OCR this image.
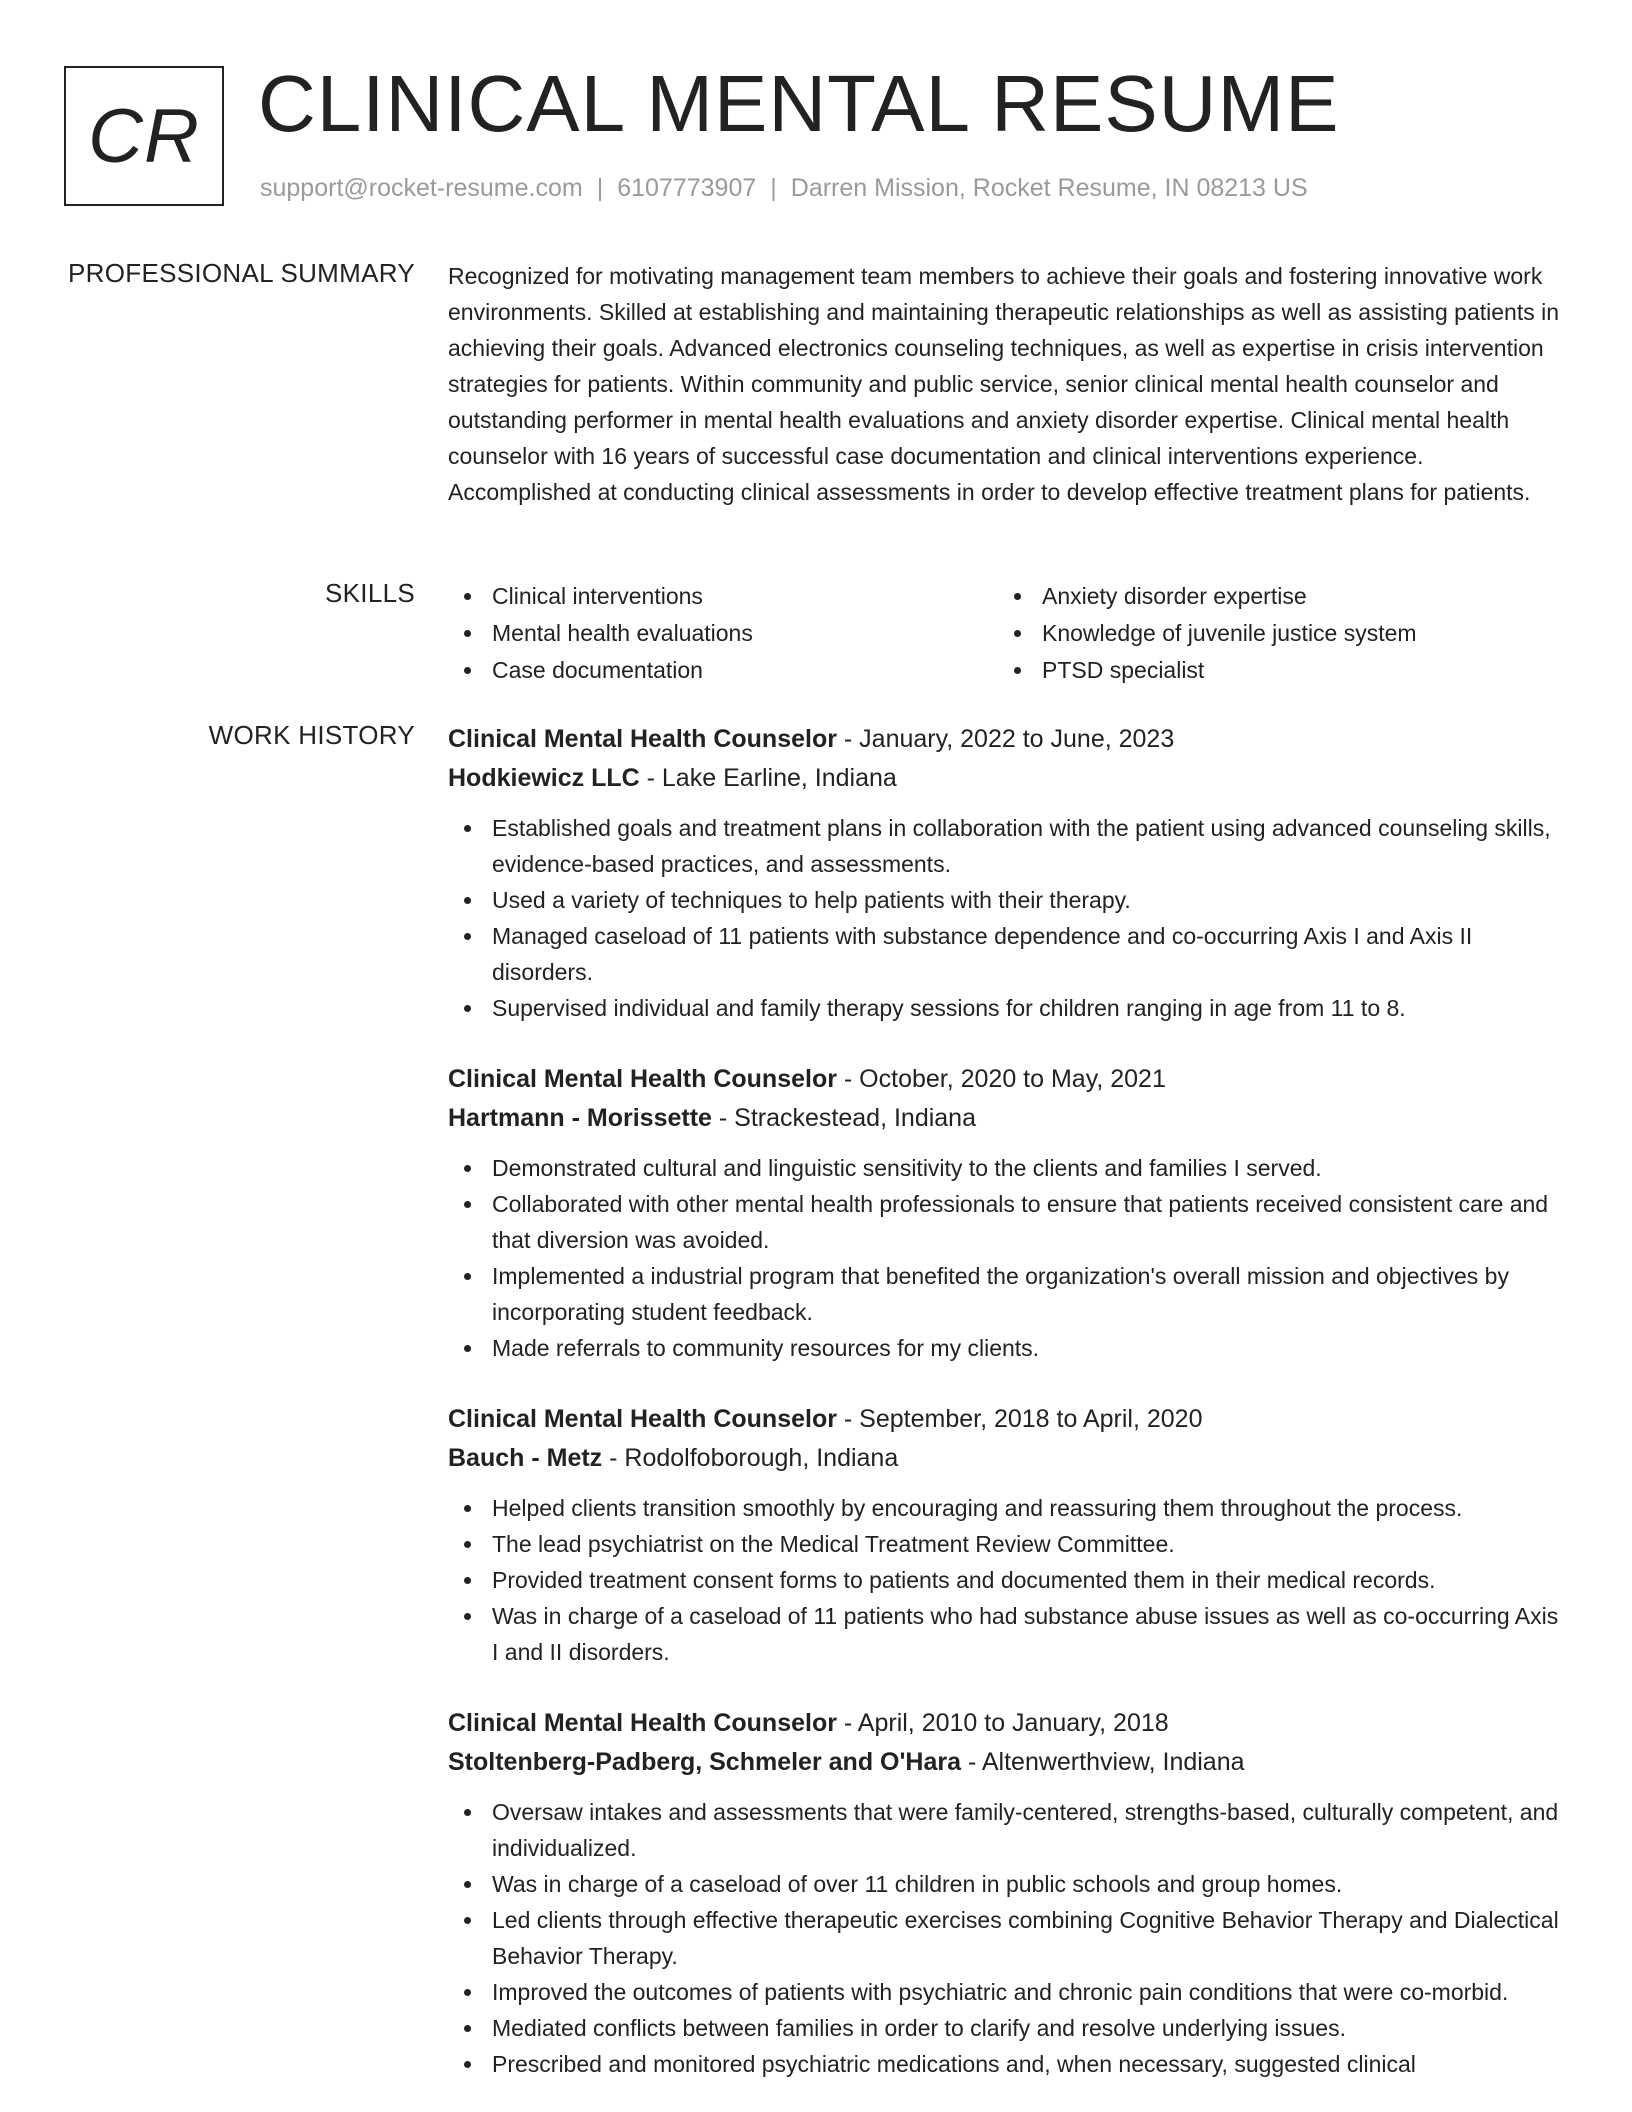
CR CLINICAL MENTAL RESUME
support@rocket-resume.com | 6107773907 | Darren Mission, Rocket Resume, IN 08213 US
PROFESSIONAL SUMMARY Recognized for motivating management team members to achieve their goals and fostering innovative work environments. Skilled at establishing and maintaining therapeutic relationships as well as assisting patients in achieving their goals. Advanced electronics counseling techniques, as well as expertise in crisis intervention strategies for patients. Within community and public service, senior clinical mental health counselor and outstanding performer in mental health evaluations and anxiety disorder expertise. Clinical mental health counselor with 16 years of successful case documentation and clinical interventions experience. Accomplished at conducting clinical assessments in order to develop effective treatment plans for patients.

SKILLS	Clinical interventions
Mental health evaluations
Case documentation
Anxiety disorder expertise
Knowledge of juvenile justice system
PTSD specialist
WORK HISTORY Clinical Mental Health Counselor - January, 2022 to June, 2023
Hodkiewicz LLC - Lake Earline, Indiana
Established goals and treatment plans in collaboration with the patient using advanced counseling skills, evidence-based practices, and assessments.
Used a variety of techniques to help patients with their therapy.
Managed caseload of 11 patients with substance dependence and co-occurring Axis I and Axis II disorders.
Supervised individual and family therapy sessions for children ranging in age from 11 to 8.
Clinical Mental Health Counselor - October, 2020 to May, 2021
Hartmann - Morissette - Strackestead, Indiana
Demonstrated cultural and linguistic sensitivity to the clients and families I served.
Collaborated with other mental health professionals to ensure that patients received consistent care and that diversion was avoided.
Implemented a industrial program that benefited the organization's overall mission and objectives by incorporating student feedback.
Made referrals to community resources for my clients.
Clinical Mental Health Counselor - September, 2018 to April, 2020
Bauch - Metz - Rodolfoborough, Indiana
Helped clients transition smoothly by encouraging and reassuring them throughout the process.
The lead psychiatrist on the Medical Treatment Review Committee.
Provided treatment consent forms to patients and documented them in their medical records.
Was in charge of a caseload of 11 patients who had substance abuse issues as well as co-occurring Axis I and II disorders.
Clinical Mental Health Counselor - April, 2010 to January, 2018
Stoltenberg-Padberg, Schmeler and O'Hara - Altenwerthview, Indiana
Oversaw intakes and assessments that were family-centered, strengths-based, culturally competent, and individualized.
Was in charge of a caseload of over 11 children in public schools and group homes.
Led clients through effective therapeutic exercises combining Cognitive Behavior Therapy and Dialectical Behavior Therapy.
Improved the outcomes of patients with psychiatric and chronic pain conditions that were co-morbid.
Mediated conflicts between families in order to clarify and resolve underlying issues.
Prescribed and monitored psychiatric medications and, when necessary, suggested clinical
